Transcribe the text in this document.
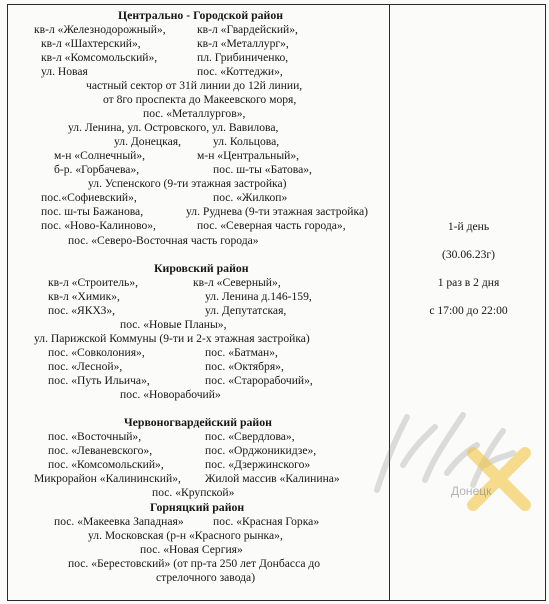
Центрально - Городской район
кв-л «Железнодорожный»,	кв-л «Гвардейский»,
кв-л «Шахтерский»,	кв-л «Металлург»,
кв-л «Комсомольский»,	пл. Грибиниченко,
ул. Новая	пос. «Коттеджи»,
частный сектор от 31й линии до 12й линии,
от 8го проспекта до Макеевского моря,
пос. «Металлургов»,
ул. Ленина, ул. Островского, ул. Вавилова,
ул. Донецкая,	ул. Кольцова,
м-н «Солнечный»,	м-н «Центральный»,
б-р. «Горбачева»,	пос. ш-ты «Батова»,
ул. Успенского (9-ти этажная застройка)
пос.«Софиевский»,	пос. «Жилкоп»
пос. ш-ты Бажанова,	ул. Руднева (9-ти этажная застройка)
пос. «Ново-Калиново»,	пос. «Северная часть города»,
пос. «Северо-Восточная часть города»
Кировский район
кв-л «Строитель»,	кв-л «Северный»,
кв-л «Химик»,	ул. Ленина д.146-159,
пос. «ЯКХЗ»,	ул. Депутатская,
пос. «Новые Планы»,
ул. Парижской Коммуны (9-ти и 2-х этажная застройка)
пос. «Совколония»,	пос. «Батман»,
пос. «Лесной»,	пос. «Октября»,
пос. «Путь Ильича»,	пос. «Старорабочий»,
пос. «Новорабочий»
Червоногвардейский район
пос. «Восточный»,	пос. «Свердлова»,
пос. «Леваневского»,	пос. «Орджоникидзе»,
пос. «Комсомольский»,	пос. «Дзержинского»
Микрорайон «Калининский», Жилой массив «Калинина»
пос. «Крупской»
Горняцкий район
пос. «Макеевка Западная»	пос. «Красная Горка»
ул. Московская (р-н «Красного рынка»,
пос. «Новая Сергия»
пос. «Берестовский» (от пр-та 250 лет Донбасса до
стрелочного завода)
1-й день
(30.06.23г)
1 раз в 2 дня
с 17:00 до 22:00
Донецк
